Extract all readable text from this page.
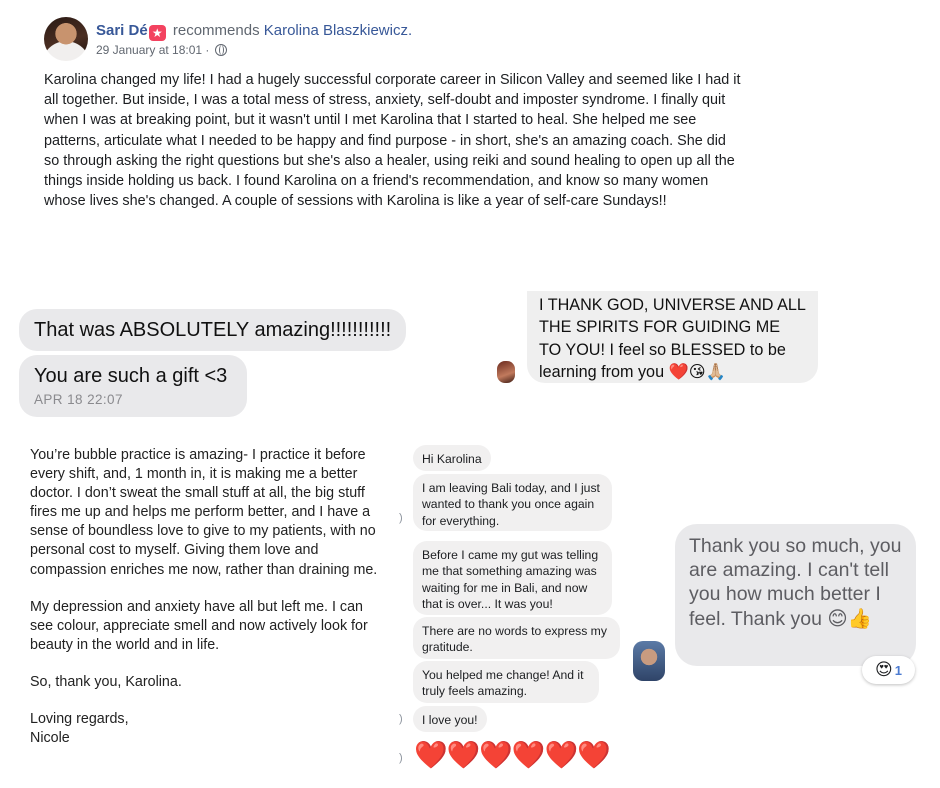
Sari Dé ★ recommends Karolina Blaszkiewicz.
29 January at 18:01 ·
Karolina changed my life! I had a hugely successful corporate career in Silicon Valley and seemed like I had it all together. But inside, I was a total mess of stress, anxiety, self-doubt and imposter syndrome. I finally quit when I was at breaking point, but it wasn't until I met Karolina that I started to heal. She helped me see patterns, articulate what I needed to be happy and find purpose - in short, she's an amazing coach. She did so through asking the right questions but she's also a healer, using reiki and sound healing to open up all the things inside holding us back. I found Karolina on a friend's recommendation, and know so many women whose lives she's changed. A couple of sessions with Karolina is like a year of self-care Sundays!!
That was ABSOLUTELY amazing!!!!!!!!!!!
You are such a gift <3
APR 18 22:07
I THANK GOD, UNIVERSE AND ALL THE SPIRITS FOR GUIDING ME TO YOU! I feel so BLESSED to be learning from you ❤️😘🙏🏼

You’re bubble practice is amazing- I practice it before every shift, and, 1 month in, it is making me a better doctor. I don’t sweat the small stuff at all, the big stuff fires me up and helps me perform better, and I have a sense of boundless love to give to my patients, with no personal cost to myself. Giving them love and compassion enriches me now, rather than draining me.

My depression and anxiety have all but left me. I can see colour, appreciate smell and now actively look for beauty in the world and in life.

So, thank you, Karolina.

Loving regards,
Nicole
Hi Karolina
I am leaving Bali today, and I just wanted to thank you once again for everything.
Before I came my gut was telling me that something amazing was waiting for me in Bali, and now that is over... It was you!
There are no words to express my gratitude.
You helped me change! And it truly feels amazing.
I love you!
)
)
) ❤️❤️❤️❤️❤️❤️
Thank you so much, you are amazing. I can't tell you how much better I feel. Thank you 😊👍
😍 1
